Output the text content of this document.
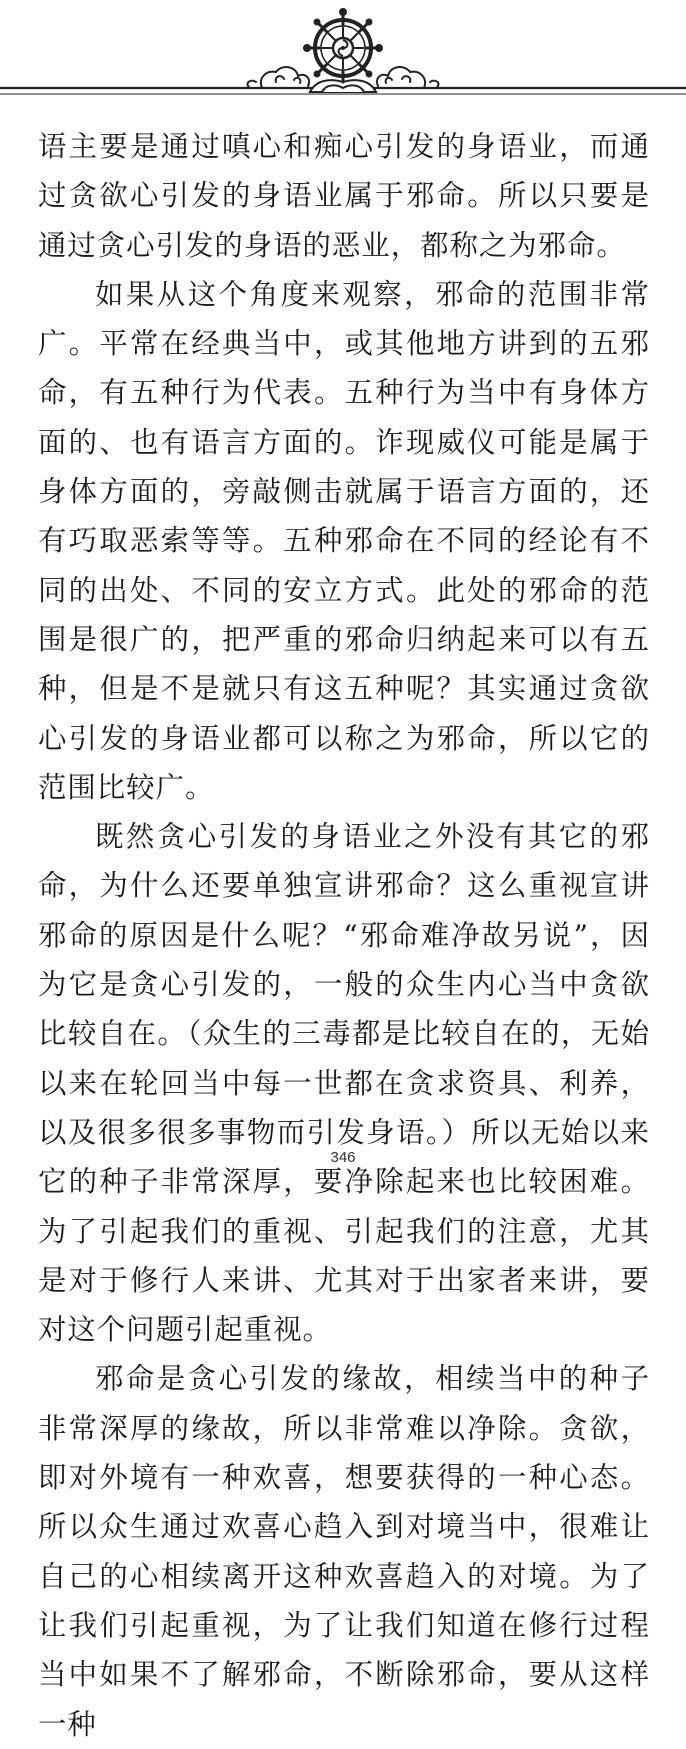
语主要是通过嗔心和痴心引发的身语业，而通过贪欲心引发的身语业属于邪命。所以只要是通过贪心引发的身语的恶业，都称之为邪命。

如果从这个角度来观察，邪命的范围非常广。平常在经典当中，或其他地方讲到的五邪命，有五种行为代表。五种行为当中有身体方面的、也有语言方面的。诈现威仪可能是属于身体方面的，旁敲侧击就属于语言方面的，还有巧取恶索等等。五种邪命在不同的经论有不同的出处、不同的安立方式。此处的邪命的范围是很广的，把严重的邪命归纳起来可以有五种，但是不是就只有这五种呢？其实通过贪欲心引发的身语业都可以称之为邪命，所以它的范围比较广。

既然贪心引发的身语业之外没有其它的邪命，为什么还要单独宣讲邪命？这么重视宣讲邪命的原因是什么呢？“邪命难净故另说”，因为它是贪心引发的，一般的众生内心当中贪欲比较自在。（众生的三毒都是比较自在的，无始以来在轮回当中每一世都在贪求资具、利养，以及很多很多事物而引发身语。）所以无始以来它的种子非常深厚，要净除起来也比较困难。为了引起我们的重视、引起我们的注意，尤其是对于修行人来讲、尤其对于出家者来讲，要对这个问题引起重视。

邪命是贪心引发的缘故，相续当中的种子非常深厚的缘故，所以非常难以净除。贪欲，即对外境有一种欢喜，想要获得的一种心态。所以众生通过欢喜心趋入到对境当中，很难让自己的心相续离开这种欢喜趋入的对境。为了让我们引起重视，为了让我们知道在修行过程当中如果不了解邪命，不断除邪命，要从这样一种

346
